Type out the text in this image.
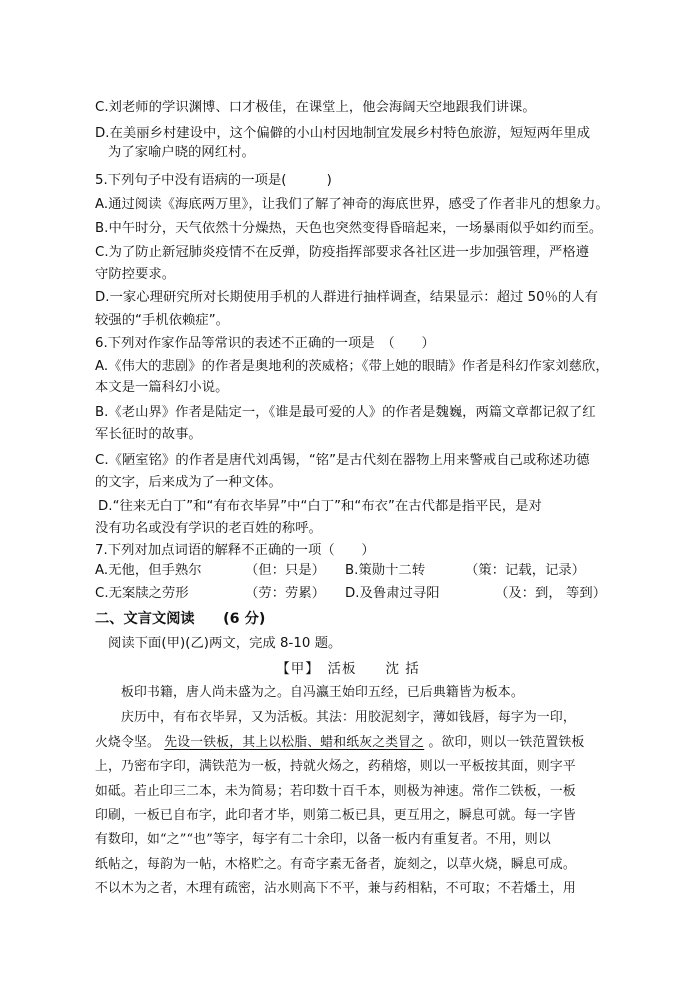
C.刘老师的学识渊博、口才极佳，在课堂上，他会海阔天空地跟我们讲课。
D.在美丽乡村建设中，这个偏僻的小山村因地制宜发展乡村特色旅游，短短两年里成
为了家喻户晓的网红村。
5.下列句子中没有语病的一项是(　　　)
A.通过阅读《海底两万里》，让我们了解了神奇的海底世界，感受了作者非凡的想象力。
B.中午时分，天气依然十分燥热，天色也突然变得昏暗起来，一场暴雨似乎如约而至。
C.为了防止新冠肺炎疫情不在反弹，防疫指挥部要求各社区进一步加强管理，严格遵
守防控要求。
D.一家心理研究所对长期使用手机的人群进行抽样调查，结果显示：超过 50％的人有
较强的“手机依赖症”。
6.下列对作家作品等常识的表述不正确的一项是　（　　）
A.《伟大的悲剧》的作者是奥地利的茨威格；《带上她的眼睛》作者是科幻作家刘慈欣，
本文是一篇科幻小说。
B.《老山界》作者是陆定一，《谁是最可爱的人》的作者是魏巍，两篇文章都记叙了红
军长征时的故事。
C.《陋室铭》的作者是唐代刘禹锡，“铭”是古代刻在器物上用来警戒自己或称述功德
的文字，后来成为了一种文体。
D.“往来无白丁”和“有布衣毕昇”中“白丁”和“布衣”在古代都是指平民，是对
没有功名或没有学识的老百姓的称呼。
7.下列对加点词语的解释不正确的一项（　　）
A.无他，但手熟尔	（但：只是）	B.策勋十二转	（策：记载，记录）
C.无案牍之劳形	（劳：劳累）	D.及鲁肃过寻阳	（及：到， 等到）
二、文言文阅读　　(6 分)
阅读下面(甲)(乙)两文，完成 8-10 题。
【甲】　活板　　沈 括
板印书籍，唐人尚未盛为之。自冯瀛王始印五经，已后典籍皆为板本。
庆历中，有布衣毕昇，又为活板。其法：用胶泥刻字，薄如钱唇，每字为一印，
火烧令坚。 先设一铁板，其上以松脂、蜡和纸灰之类冒之 。欲印，则以一铁范置铁板
上，乃密布字印，满铁范为一板，持就火炀之，药稍熔，则以一平板按其面，则字平
如砥。若止印三二本，未为简易；若印数十百千本，则极为神速。常作二铁板，一板
印刷，一板已自布字，此印者才毕，则第二板已具，更互用之，瞬息可就。每一字皆
有数印，如“之”“也”等字，每字有二十余印，以备一板内有重复者。不用，则以
纸帖之，每韵为一帖，木格贮之。有奇字素无备者，旋刻之，以草火烧，瞬息可成。
不以木为之者，木理有疏密，沾水则高下不平，兼与药相粘，不可取；不若燔土，用
